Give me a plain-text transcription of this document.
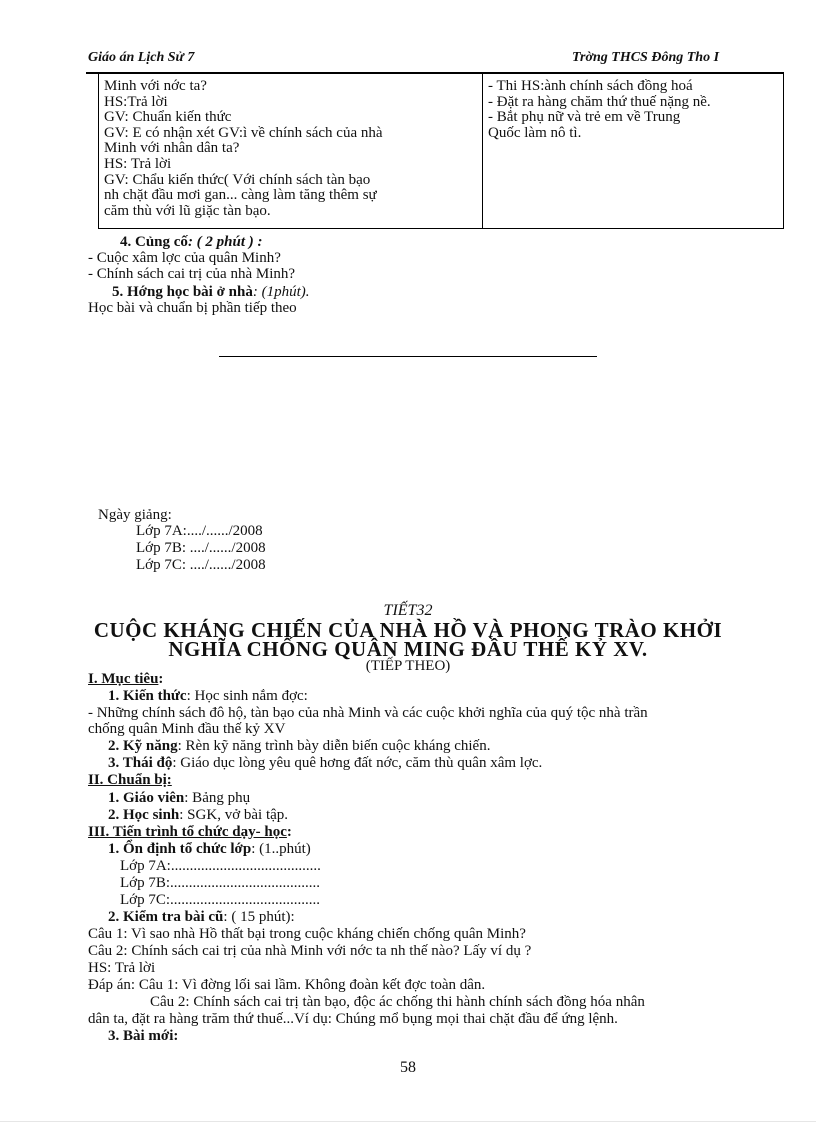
Giáo án Lịch Sử 7	Trờng THCS Đông Tho I
Minh với nớc ta?
HS:Trả lời
GV: Chuẩn kiến thức
GV: E có nhận xét GV:ì về chính sách của nhà
Minh với nhân dân ta?
HS: Trả lời
GV: Chẩu kiến thức( Với chính sách tàn bạo
nh chặt đầu mơi gan... càng làm tăng thêm sự
căm thù với lũ giặc tàn bạo.
- Thi HS:ành chính sách đồng hoá
- Đặt ra hàng chăm thứ thuế nặng nề.
- Bắt phụ nữ và trẻ em về Trung
Quốc làm nô tì.
4. Củng cố: ( 2 phút ) :
- Cuộc xâm lợc của quân Minh?
- Chính sách cai trị của nhà Minh?
5. Hớng học bài ở nhà: (1phút).
Học bài và chuẩn bị phần tiếp theo
Ngày giảng:
Lớp 7A:..../....../2008
Lớp 7B: ..../....../2008
Lớp 7C: ..../....../2008
TIẾT32
CUỘC KHÁNG CHIẾN CỦA NHÀ HỒ VÀ PHONG TRÀO KHỞI
NGHĨA CHỐNG QUÂN MING ĐẦU THẾ KỶ XV.
(TIẾP THEO)
I. Mục tiêu:
1. Kiến thức: Học sinh nắm đợc:
- Những chính sách đô hộ, tàn bạo của nhà Minh và các cuộc khởi nghĩa của quý tộc nhà trần
chống quân Minh đầu thế kỷ XV
2. Kỹ năng: Rèn kỹ năng trình bày diễn biến cuộc kháng chiến.
3. Thái độ: Giáo dục lòng yêu quê hơng đất nớc, căm thù quân xâm lợc.
II. Chuẩn bị:
1. Giáo viên: Bảng phụ
2. Học sinh: SGK, vở bài tập.
III. Tiến trình tổ chức dạy- học:
1. Ổn định tổ chức lớp: (1..phút)
Lớp 7A:........................................
Lớp 7B:........................................
Lớp 7C:........................................
2. Kiểm tra bài cũ: ( 15 phút):
Câu 1: Vì sao nhà Hồ thất bại trong cuộc kháng chiến chống quân Minh?
Câu 2: Chính sách cai trị của nhà Minh với nớc ta nh thế nào? Lấy ví dụ ?
HS: Trả lời
Đáp án: Câu 1: Vì đờng lối sai lầm. Không đoàn kết đợc toàn dân.
Câu 2: Chính sách cai trị tàn bạo, độc ác chống thi hành chính sách đồng hóa nhân
dân ta, đặt ra hàng trăm thứ thuế...Ví dụ: Chúng mổ bụng mọi thai chặt đầu để ứng lệnh.
3. Bài mới:
58
